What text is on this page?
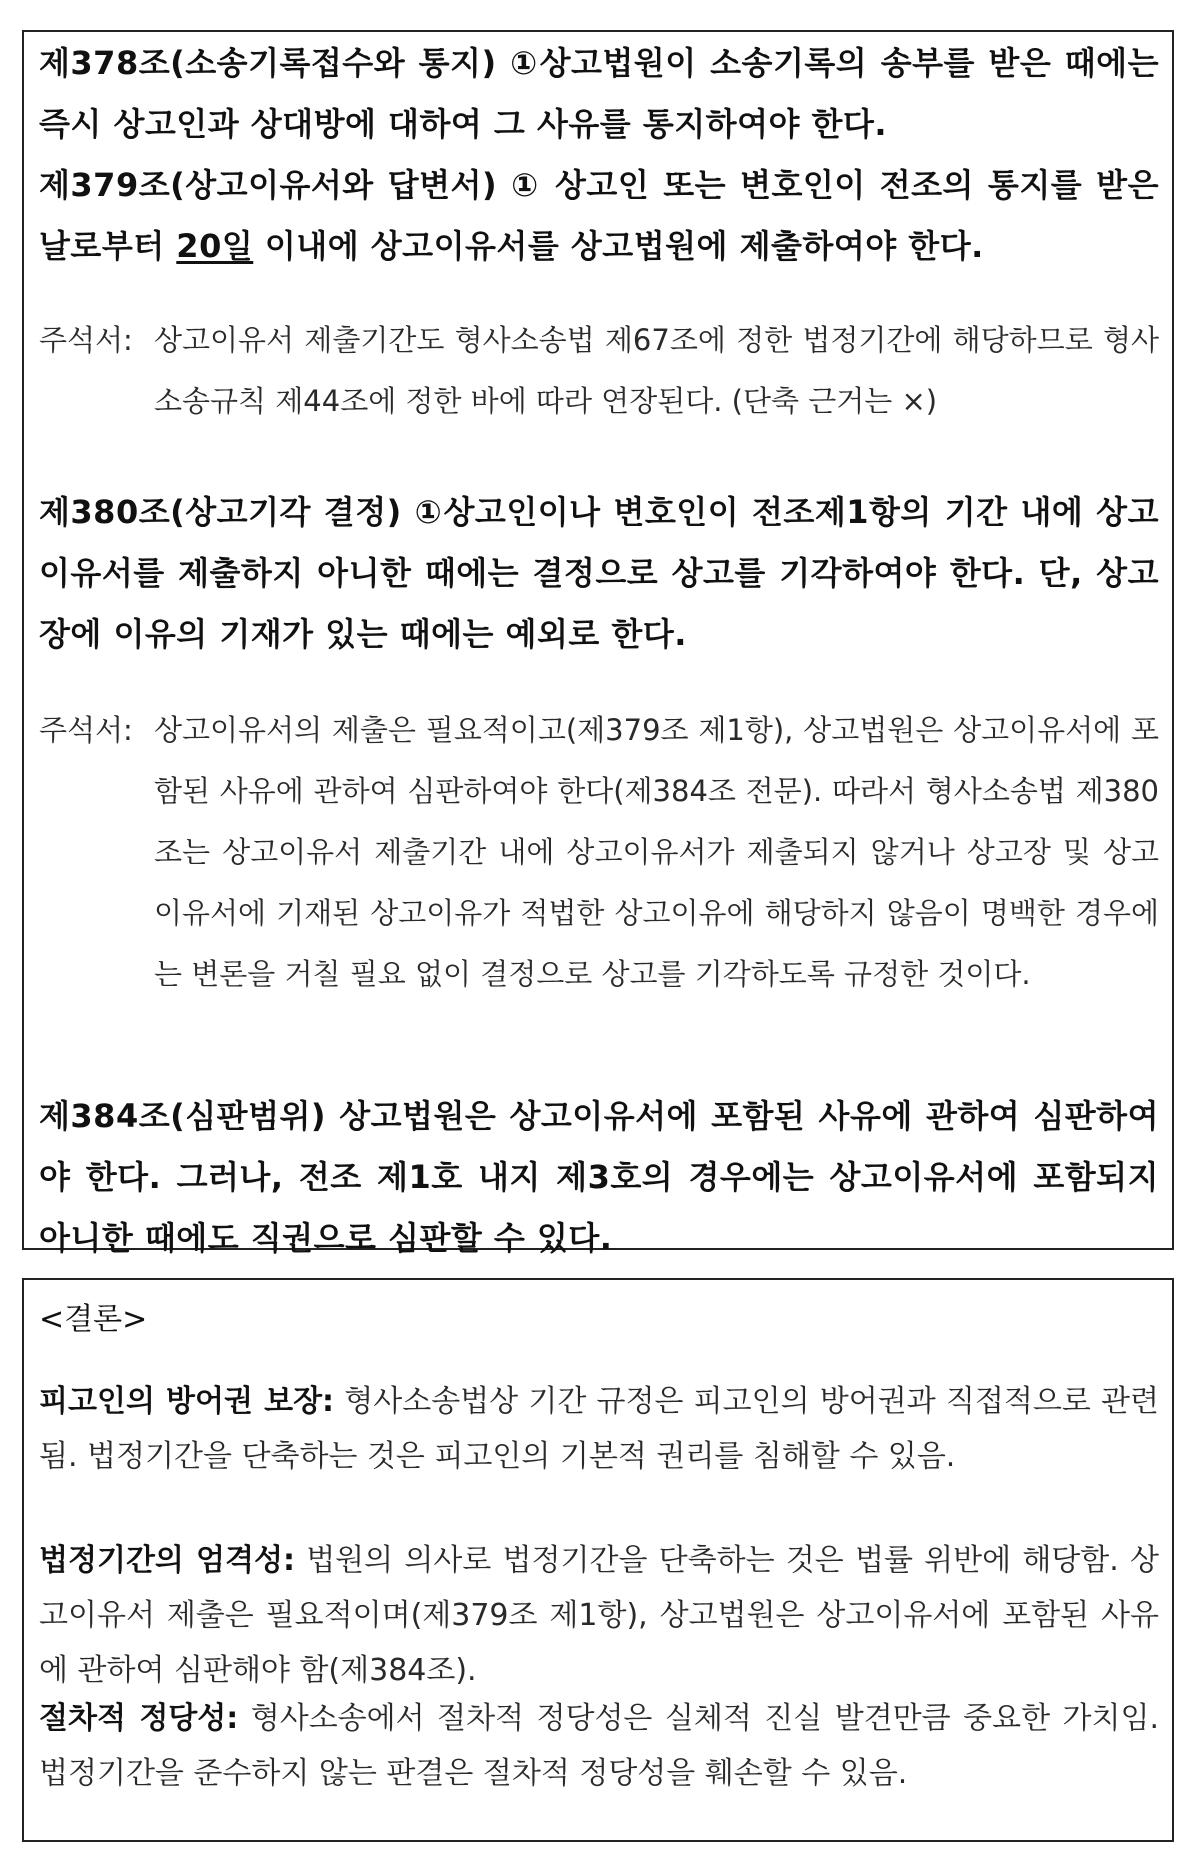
제378조(소송기록접수와 통지) ①상고법원이 소송기록의 송부를 받은 때에는 즉시 상고인과 상대방에 대하여 그 사유를 통지하여야 한다.
제379조(상고이유서와 답변서) ① 상고인 또는 변호인이 전조의 통지를 받은 날로부터 20일 이내에 상고이유서를 상고법원에 제출하여야 한다.
주석서: 상고이유서 제출기간도 형사소송법 제67조에 정한 법정기간에 해당하므로 형사소송규칙 제44조에 정한 바에 따라 연장된다. (단축 근거는 ×)
제380조(상고기각 결정) ①상고인이나 변호인이 전조제1항의 기간 내에 상고이유서를 제출하지 아니한 때에는 결정으로 상고를 기각하여야 한다. 단, 상고장에 이유의 기재가 있는 때에는 예외로 한다.
주석서: 상고이유서의 제출은 필요적이고(제379조 제1항), 상고법원은 상고이유서에 포함된 사유에 관하여 심판하여야 한다(제384조 전문). 따라서 형사소송법 제380조는 상고이유서 제출기간 내에 상고이유서가 제출되지 않거나 상고장 및 상고이유서에 기재된 상고이유가 적법한 상고이유에 해당하지 않음이 명백한 경우에는 변론을 거칠 필요 없이 결정으로 상고를 기각하도록 규정한 것이다.
제384조(심판범위) 상고법원은 상고이유서에 포함된 사유에 관하여 심판하여야 한다. 그러나, 전조 제1호 내지 제3호의 경우에는 상고이유서에 포함되지 아니한 때에도 직권으로 심판할 수 있다.
<결론>
피고인의 방어권 보장: 형사소송법상 기간 규정은 피고인의 방어권과 직접적으로 관련됨. 법정기간을 단축하는 것은 피고인의 기본적 권리를 침해할 수 있음.
법정기간의 엄격성: 법원의 의사로 법정기간을 단축하는 것은 법률 위반에 해당함. 상고이유서 제출은 필요적이며(제379조 제1항), 상고법원은 상고이유서에 포함된 사유에 관하여 심판해야 함(제384조).
절차적 정당성: 형사소송에서 절차적 정당성은 실체적 진실 발견만큼 중요한 가치임. 법정기간을 준수하지 않는 판결은 절차적 정당성을 훼손할 수 있음.
